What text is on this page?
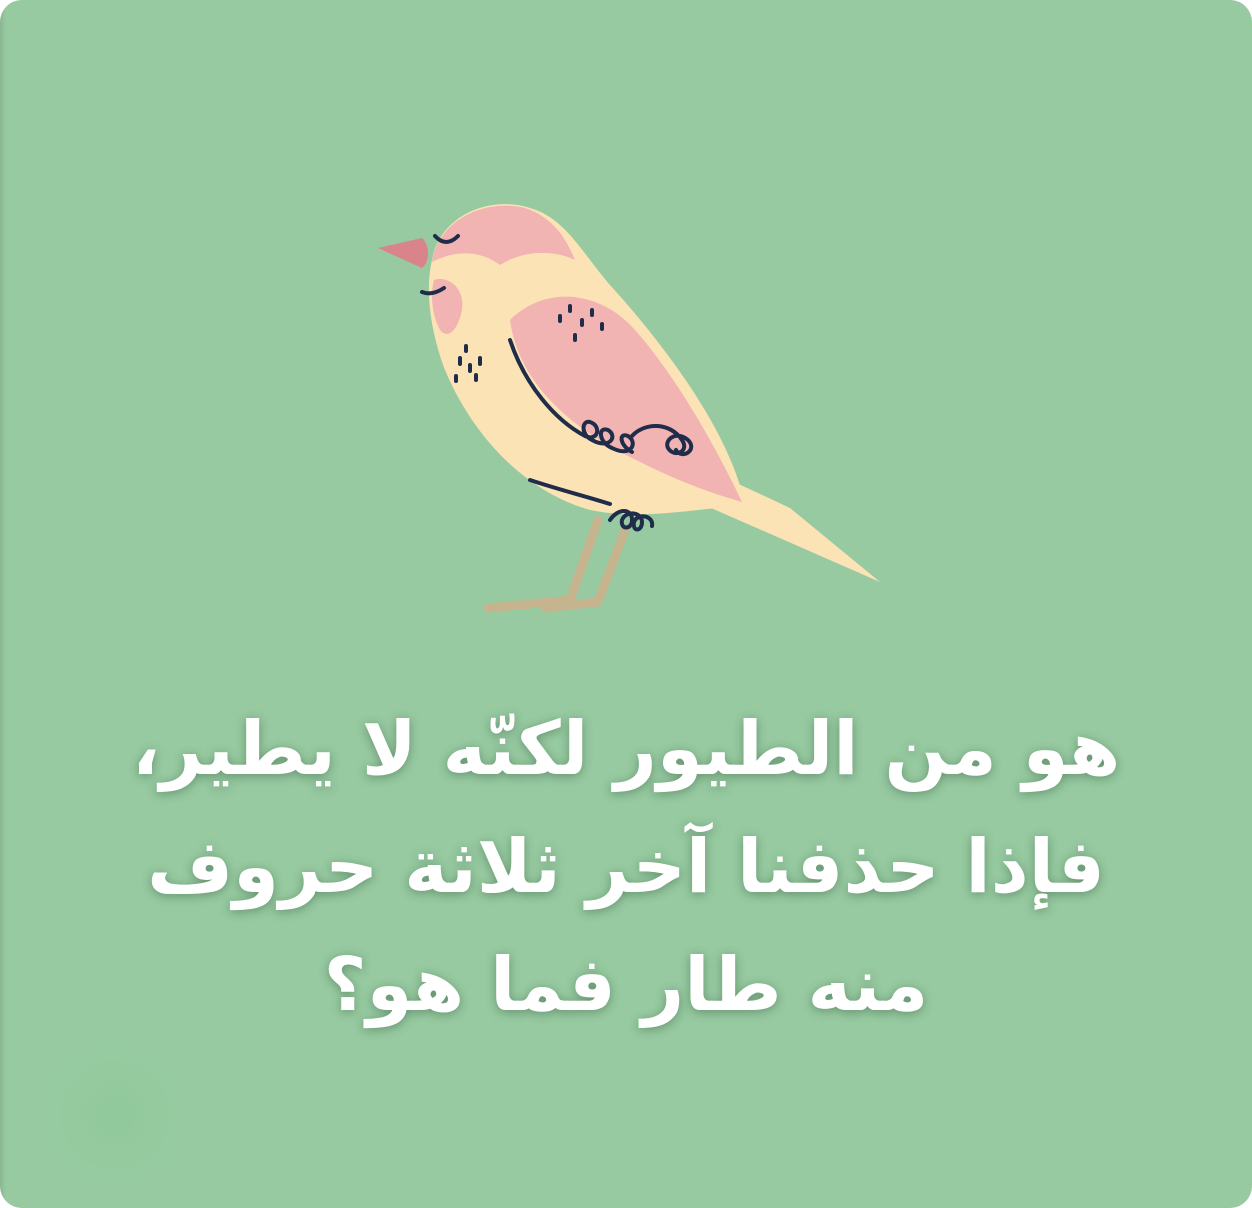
هو من الطيور لكنّه لا يطير،
فإذا حذفنا آخر ثلاثة حروف
منه طار فما هو؟
